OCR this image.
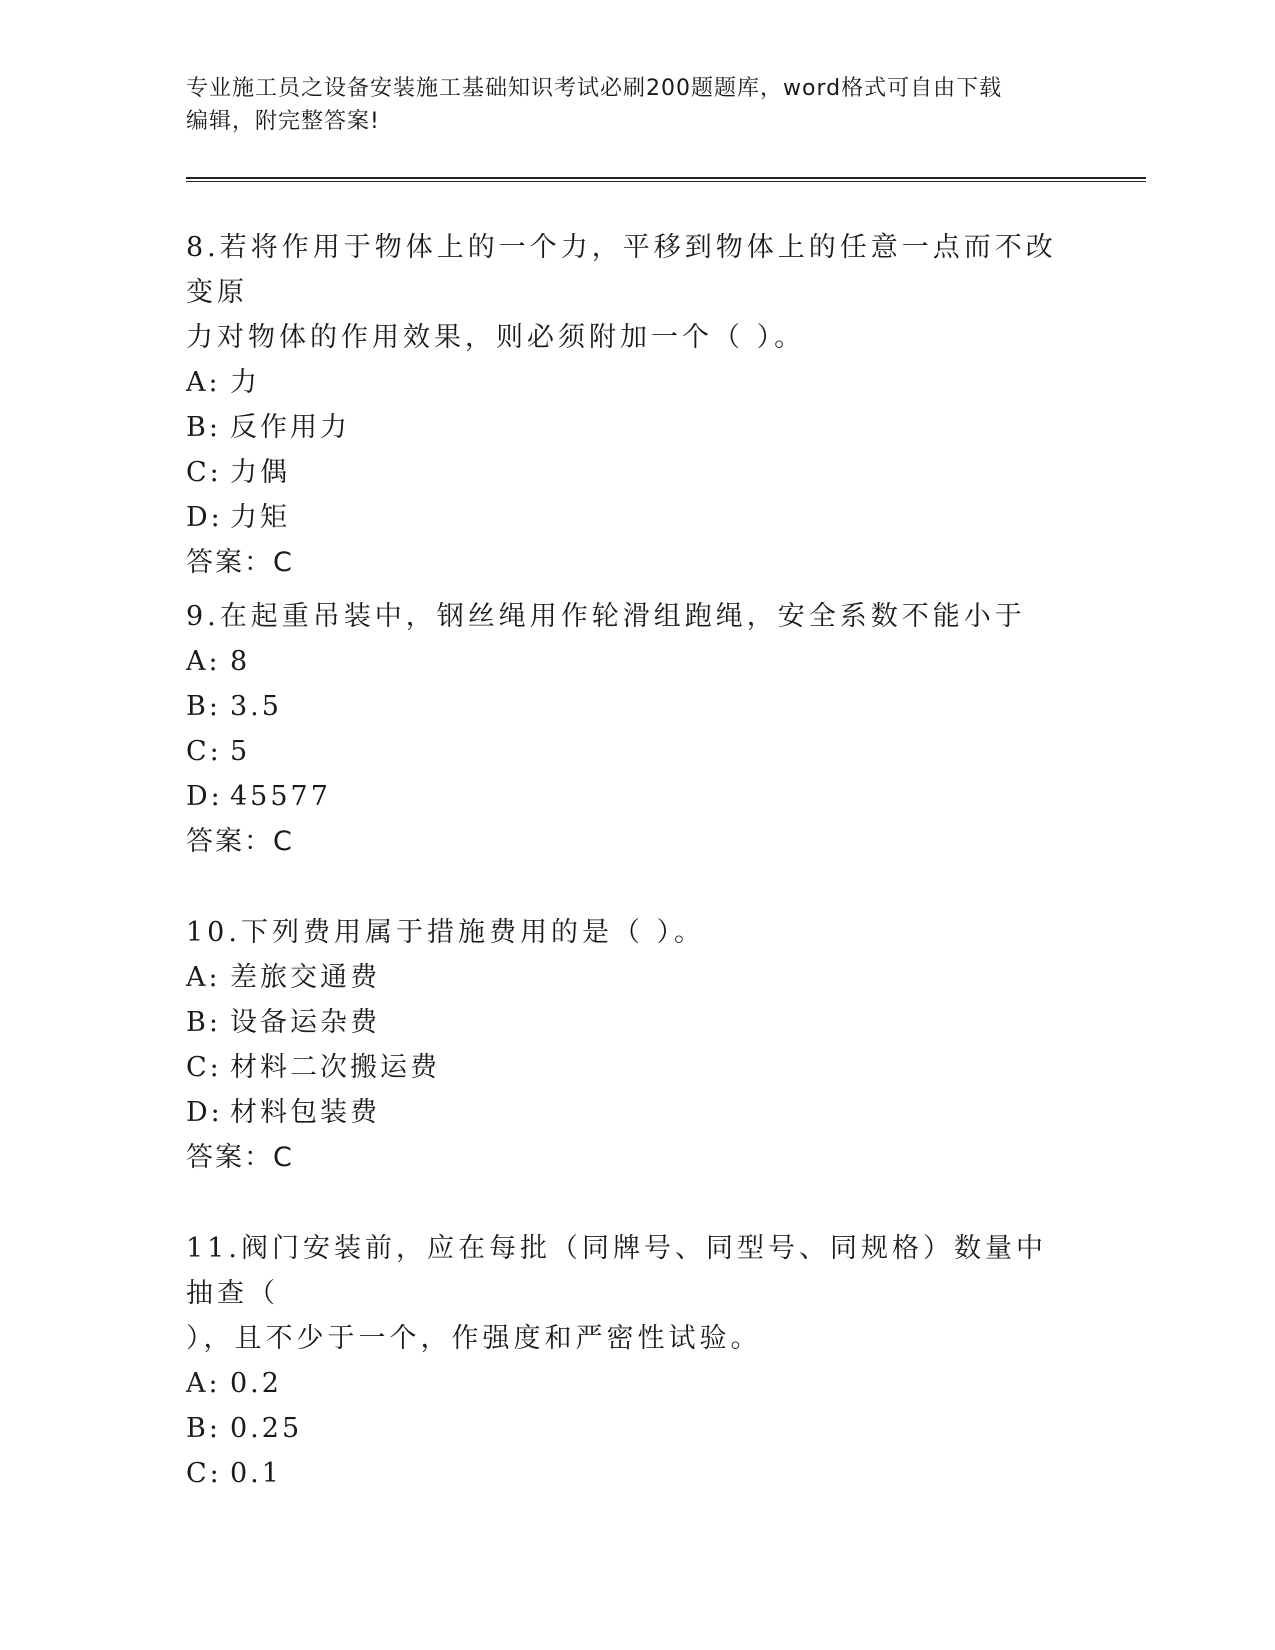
专业施工员之设备安装施工基础知识考试必刷200题题库，word格式可自由下载
编辑，附完整答案!

8.若将作用于物体上的一个力，平移到物体上的任意一点而不改变原

力对物体的作用效果，则必须附加一个（ ）。

A: 力

B: 反作用力

C: 力偶

D: 力矩

答案：C

9.在起重吊装中，钢丝绳用作轮滑组跑绳，安全系数不能小于

A: 8

B: 3.5

C: 5

D: 45577

答案：C

10.下列费用属于措施费用的是（ ）。

A: 差旅交通费

B: 设备运杂费

C: 材料二次搬运费

D: 材料包装费

答案：C

11.阀门安装前，应在每批（同牌号、同型号、同规格）数量中抽查（

），且不少于一个，作强度和严密性试验。

A: 0.2

B: 0.25

C: 0.1
